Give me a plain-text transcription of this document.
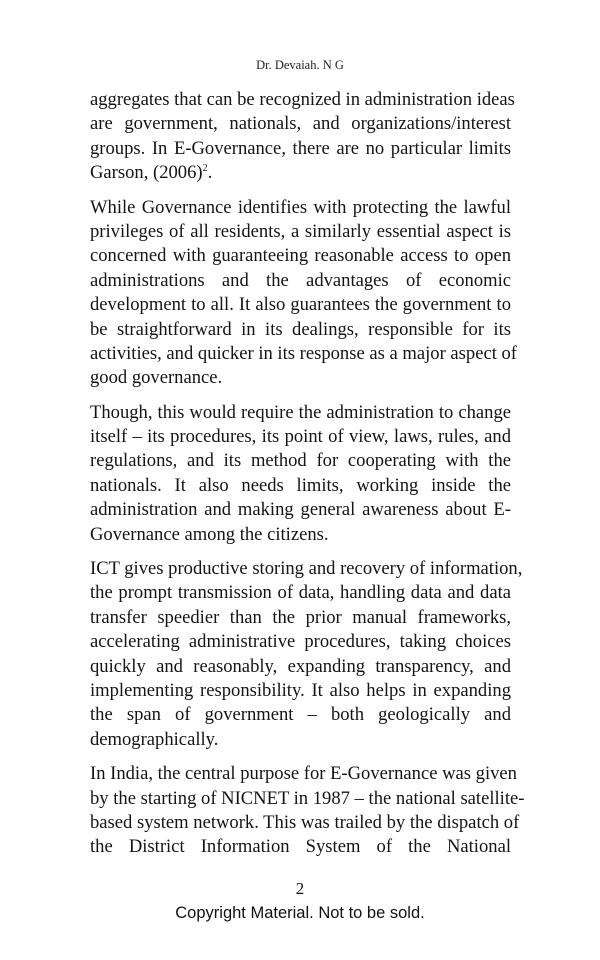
Dr. Devaiah. N G

aggregates that can be recognized in administration ideas
are government, nationals, and organizations/interest
groups. In E-Governance, there are no particular limits
Garson, $(2006)^2$.

While Governance identifies with protecting the lawful
privileges of all residents, a similarly essential aspect is
concerned with guaranteeing reasonable access to open
administrations and the advantages of economic
development to all. It also guarantees the government to
be straightforward in its dealings, responsible for its
activities, and quicker in its response as a major aspect of
good governance.

Though, this would require the administration to change
itself – its procedures, its point of view, laws, rules, and
regulations, and its method for cooperating with the
nationals. It also needs limits, working inside the
administration and making general awareness about E-
Governance among the citizens.

ICT gives productive storing and recovery of information,
the prompt transmission of data, handling data and data
transfer speedier than the prior manual frameworks,
accelerating administrative procedures, taking choices
quickly and reasonably, expanding transparency, and
implementing responsibility. It also helps in expanding
the span of government – both geologically and
demographically.

In India, the central purpose for E-Governance was given
by the starting of NICNET in 1987 – the national satellite-
based system network. This was trailed by the dispatch of
the District Information System of the National

2
Copyright Material. Not to be sold.
